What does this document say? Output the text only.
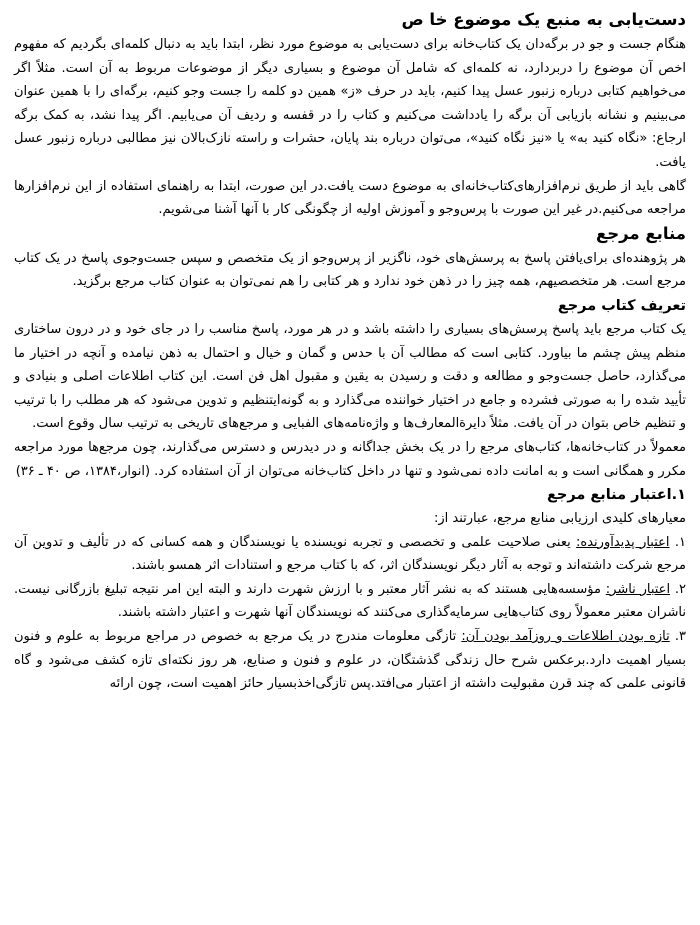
دست‌یابی به منبع یک موضوع خا ص

هنگام جست و جو در برگه‌دان یک کتاب‌خانه برای دست‌یابی به موضوع مورد نظر، ابتدا باید به دنبال کلمه‌ای بگردیم که مفهوم اخص آن موضوع را دربردارد، نه کلمه‌ای که شامل آن موضوع و بسیاری دیگر از موضوعات مربوط به آن است. مثلاً اگر می‌خواهیم کتابی درباره زنبور عسل پیدا کنیم، باید در حرف «ز» همین دو کلمه را جست وجو کنیم، برگه‌ای را با همین عنوان می‌بینیم و نشانه بازیابی آن برگه را یادداشت می‌کنیم و کتاب را در قفسه و ردیف آن می‌یابیم. اگر پیدا نشد، به کمک برگه ارجاع: «نگاه کنید به» یا «نیز نگاه کنید»، می‌توان درباره بند پایان، حشرات و راسته نازک‌بالان نیز مطالبی درباره زنبور عسل یافت.

گاهی باید از طریق نرم‌افزارهای‌کتاب‌خانه‌ای به موضوع دست یافت.در این صورت، ابتدا به راهنمای استفاده از این نرم‌افزارها مراجعه می‌کنیم.در غیر این صورت با پرس‌وجو و آموزش اولیه از چگونگی کار با آنها آشنا می‌شویم.

منابع مرجع

هر پژوهنده‌ای برای‌یافتن پاسخ به پرسش‌های خود، ناگزیر از پرس‌وجو از یک متخصص و سپس جست‌وجوی پاسخ در یک کتاب مرجع است. هر متخصصیهم، همه چیز را در ذهن خود ندارد و هر کتابی را هم نمی‌توان به عنوان کتاب مرجع برگزید.

تعریف کتاب مرجع

یک کتاب مرجع باید پاسخ پرسش‌های بسیاری را داشته باشد و در هر مورد، پاسخ مناسب را در جای خود و در درون ساختاری منظم پیش چشم ما بیاورد. کتابی است که مطالب آن با حدس و گمان و خیال و احتمال به ذهن نیامده و آنچه در اختیار ما می‌گذارد، حاصل جست‌وجو و مطالعه و دقت و رسیدن به یقین و مقبول اهل فن است. این کتاب اطلاعات اصلی و بنیادی و تأیید شده را به صورتی فشرده و جامع در اختیار خواننده می‌گذارد و به گونه‌ایتنظیم و تدوین می‌شود که هر مطلب را با ترتیب و تنظیم خاص بتوان در آن یافت. مثلاً دایرةالمعارف‌ها و واژه‌نامه‌های الفبایی و مرجع‌های تاریخی به ترتیب سال وقوع است.

معمولاً در کتاب‌خانه‌ها، کتاب‌های مرجع را در یک بخش جداگانه و در دیدرس و دسترس می‌گذارند، چون مرجع‌ها مورد مراجعه مکرر و همگانی است و به امانت داده نمی‌شود و تنها در داخل کتاب‌خانه می‌توان از آن استفاده کرد. (انوار،۱۳۸۴، ص ۴۰ ـ ۳۶)

۱.اعتبار منابع مرجع

معیارهای کلیدی ارزیابی منابع مرجع، عبارتند از:

۱. اعتبار پدیدآورنده: یعنی صلاحیت علمی و تخصصی و تجربه نویسنده یا نویسندگان و همه کسانی که در تألیف و تدوین آن مرجع شرکت داشته‌اند و توجه به آثار دیگر نویسندگان اثر، که با کتاب مرجع و استنادات اثر همسو باشند.

۲. اعتبار ناشر: مؤسسه‌هایی هستند که به نشر آثار معتبر و با ارزش شهرت دارند و البته این امر نتیجه تبلیغ بازرگانی نیست. ناشران معتبر معمولاً روی کتاب‌هایی سرمایه‌گذاری می‌کنند که نویسندگان آنها شهرت و اعتبار داشته باشند.

۳. تازه بودن اطلاعات و روزآمد بودن آن: تازگی معلومات مندرج در یک مرجع به خصوص در مراجع مربوط به علوم و فنون بسیار اهمیت دارد.برعکس شرح حال زندگی گذشتگان، در علوم و فنون و صنایع، هر روز نکته‌ای تازه کشف می‌شود و گاه قانونی علمی که چند قرن مقبولیت داشته از اعتبار می‌افتد.پس تازگی‌اخذبسیار حائز اهمیت است، چون ارائه
